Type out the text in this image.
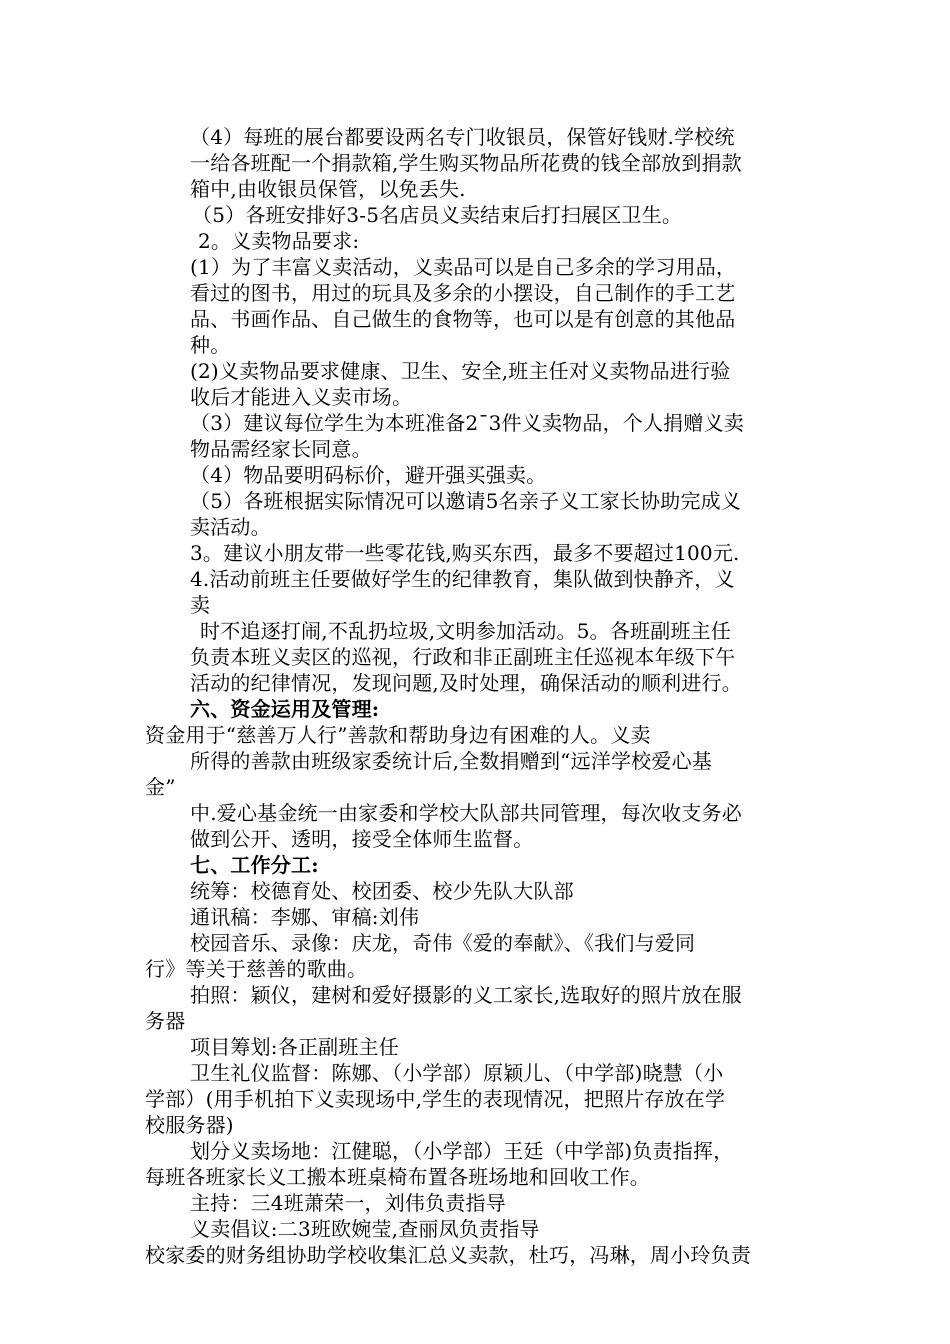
（4）每班的展台都要设两名专门收银员，保管好钱财.学校统
一给各班配一个捐款箱,学生购买物品所花费的钱全部放到捐款
箱中,由收银员保管，以免丢失.
（5）各班安排好3-5名店员义卖结束后打扫展区卫生。
2。义卖物品要求:
(1）为了丰富义卖活动，义卖品可以是自己多余的学习用品，
看过的图书，用过的玩具及多余的小摆设，自己制作的手工艺
品、书画作品、自己做生的食物等，也可以是有创意的其他品
种。
(2)义卖物品要求健康、卫生、安全,班主任对义卖物品进行验
收后才能进入义卖市场。
（3）建议每位学生为本班准备2¯3件义卖物品，个人捐赠义卖
物品需经家长同意。
（4）物品要明码标价，避开强买强卖。
（5）各班根据实际情况可以邀请5名亲子义工家长协助完成义
卖活动。
3。建议小朋友带一些零花钱,购买东西，最多不要超过100元.
4.活动前班主任要做好学生的纪律教育，集队做到快静齐，义
卖
时不追逐打闹,不乱扔垃圾,文明参加活动。5。各班副班主任
负责本班义卖区的巡视，行政和非正副班主任巡视本年级下午
活动的纪律情况，发现问题,及时处理，确保活动的顺利进行。
六、资金运用及管理:
资金用于“慈善万人行”善款和帮助身边有困难的人。义卖
所得的善款由班级家委统计后,全数捐赠到“远洋学校爱心基
金”
中.爱心基金统一由家委和学校大队部共同管理，每次收支务必
做到公开、透明，接受全体师生监督。
七、工作分工:
统筹：校德育处、校团委、校少先队大队部
通讯稿：李娜、审稿:刘伟
校园音乐、录像：庆龙，奇伟《爱的奉献》、《我们与爱同
行》等关于慈善的歌曲。
拍照：颖仪，建树和爱好摄影的义工家长,选取好的照片放在服
务器
项目筹划:各正副班主任
卫生礼仪监督：陈娜、（小学部）原颖儿、（中学部)晓慧（小
学部）(用手机拍下义卖现场中,学生的表现情况，把照片存放在学
校服务器)
划分义卖场地：江健聪，（小学部）王廷（中学部)负责指挥，
每班各班家长义工搬本班桌椅布置各班场地和回收工作。
主持：三4班萧荣一，刘伟负责指导
义卖倡议:二3班欧婉莹,查丽凤负责指导
校家委的财务组协助学校收集汇总义卖款，杜巧，冯琳，周小玲负责
